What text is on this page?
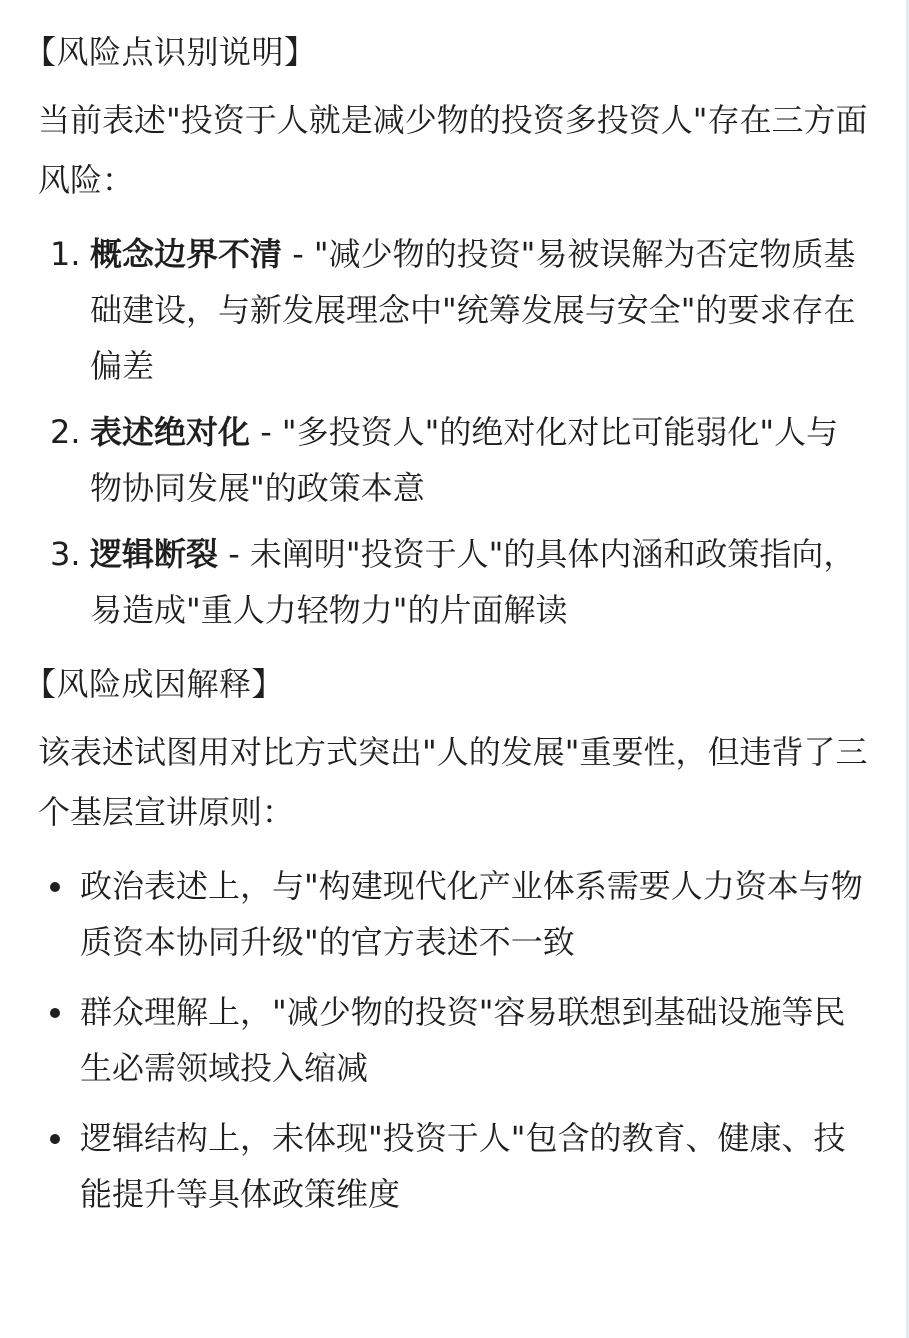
【风险点识别说明】
当前表述"投资于人就是减少物的投资多投资人"存在三方面风险：
1. 概念边界不清 - "减少物的投资"易被误解为否定物质基础建设，与新发展理念中"统筹发展与安全"的要求存在偏差
2. 表述绝对化 - "多投资人"的绝对化对比可能弱化"人与物协同发展"的政策本意
3. 逻辑断裂 - 未阐明"投资于人"的具体内涵和政策指向，易造成"重人力轻物力"的片面解读
【风险成因解释】
该表述试图用对比方式突出"人的发展"重要性，但违背了三个基层宣讲原则：
政治表述上，与"构建现代化产业体系需要人力资本与物质资本协同升级"的官方表述不一致
群众理解上，"减少物的投资"容易联想到基础设施等民生必需领域投入缩减
逻辑结构上，未体现"投资于人"包含的教育、健康、技能提升等具体政策维度
